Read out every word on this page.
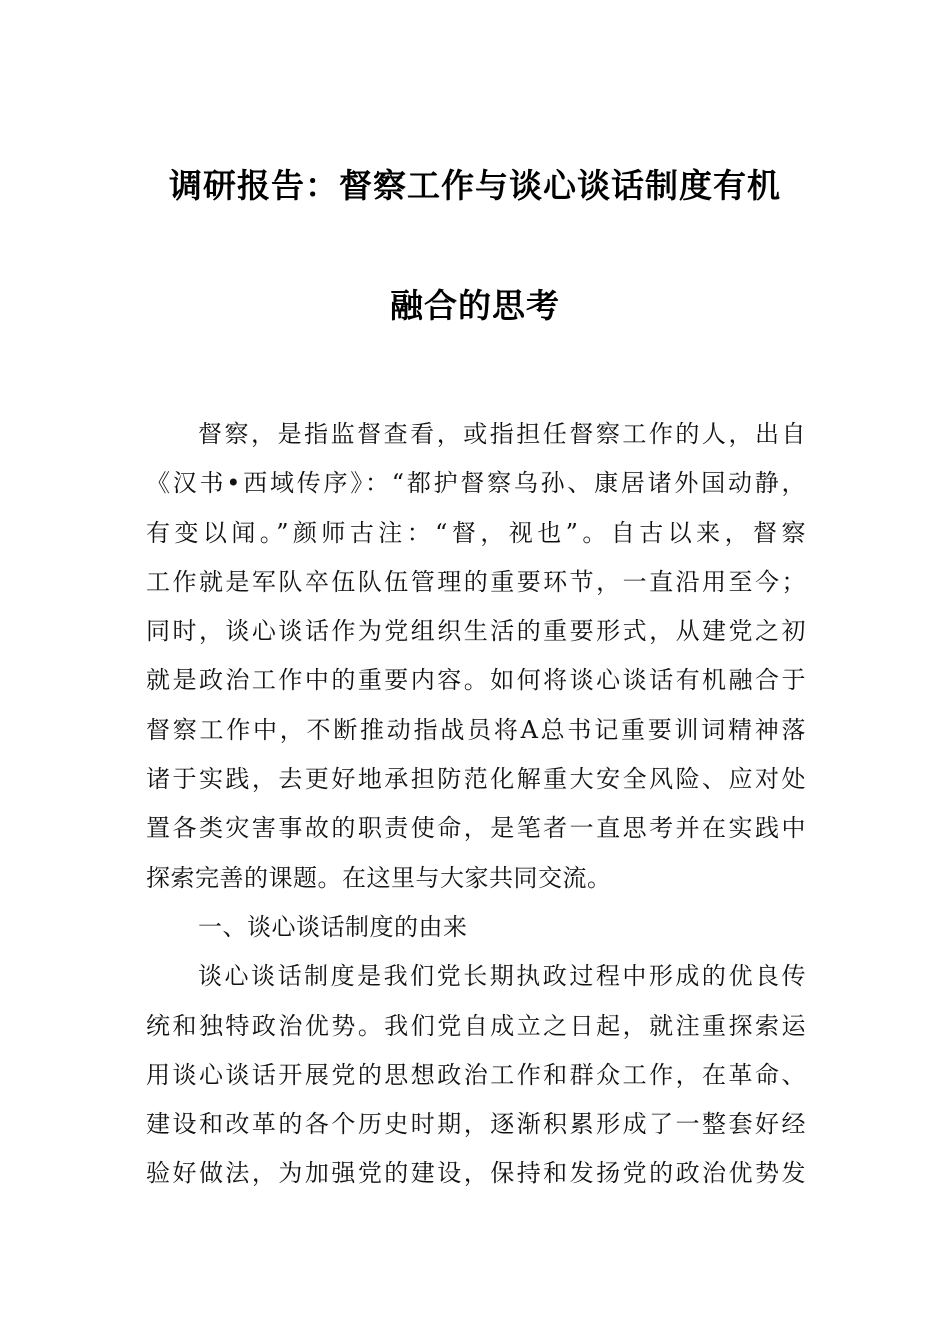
调研报告：督察工作与谈心谈话制度有机
融合的思考
督察，是指监督查看，或指担任督察工作的人，出自
《汉书•西域传序》：“都护督察乌孙、康居诸外国动静，
有变以闻。”颜师古注：“督，视也”。自古以来，督察
工作就是军队卒伍队伍管理的重要环节，一直沿用至今；
同时，谈心谈话作为党组织生活的重要形式，从建党之初
就是政治工作中的重要内容。如何将谈心谈话有机融合于
督察工作中，不断推动指战员将A总书记重要训词精神落
诸于实践，去更好地承担防范化解重大安全风险、应对处
置各类灾害事故的职责使命，是笔者一直思考并在实践中
探索完善的课题。在这里与大家共同交流。
一、谈心谈话制度的由来
谈心谈话制度是我们党长期执政过程中形成的优良传
统和独特政治优势。我们党自成立之日起，就注重探索运
用谈心谈话开展党的思想政治工作和群众工作，在革命、
建设和改革的各个历史时期，逐渐积累形成了一整套好经
验好做法，为加强党的建设，保持和发扬党的政治优势发
